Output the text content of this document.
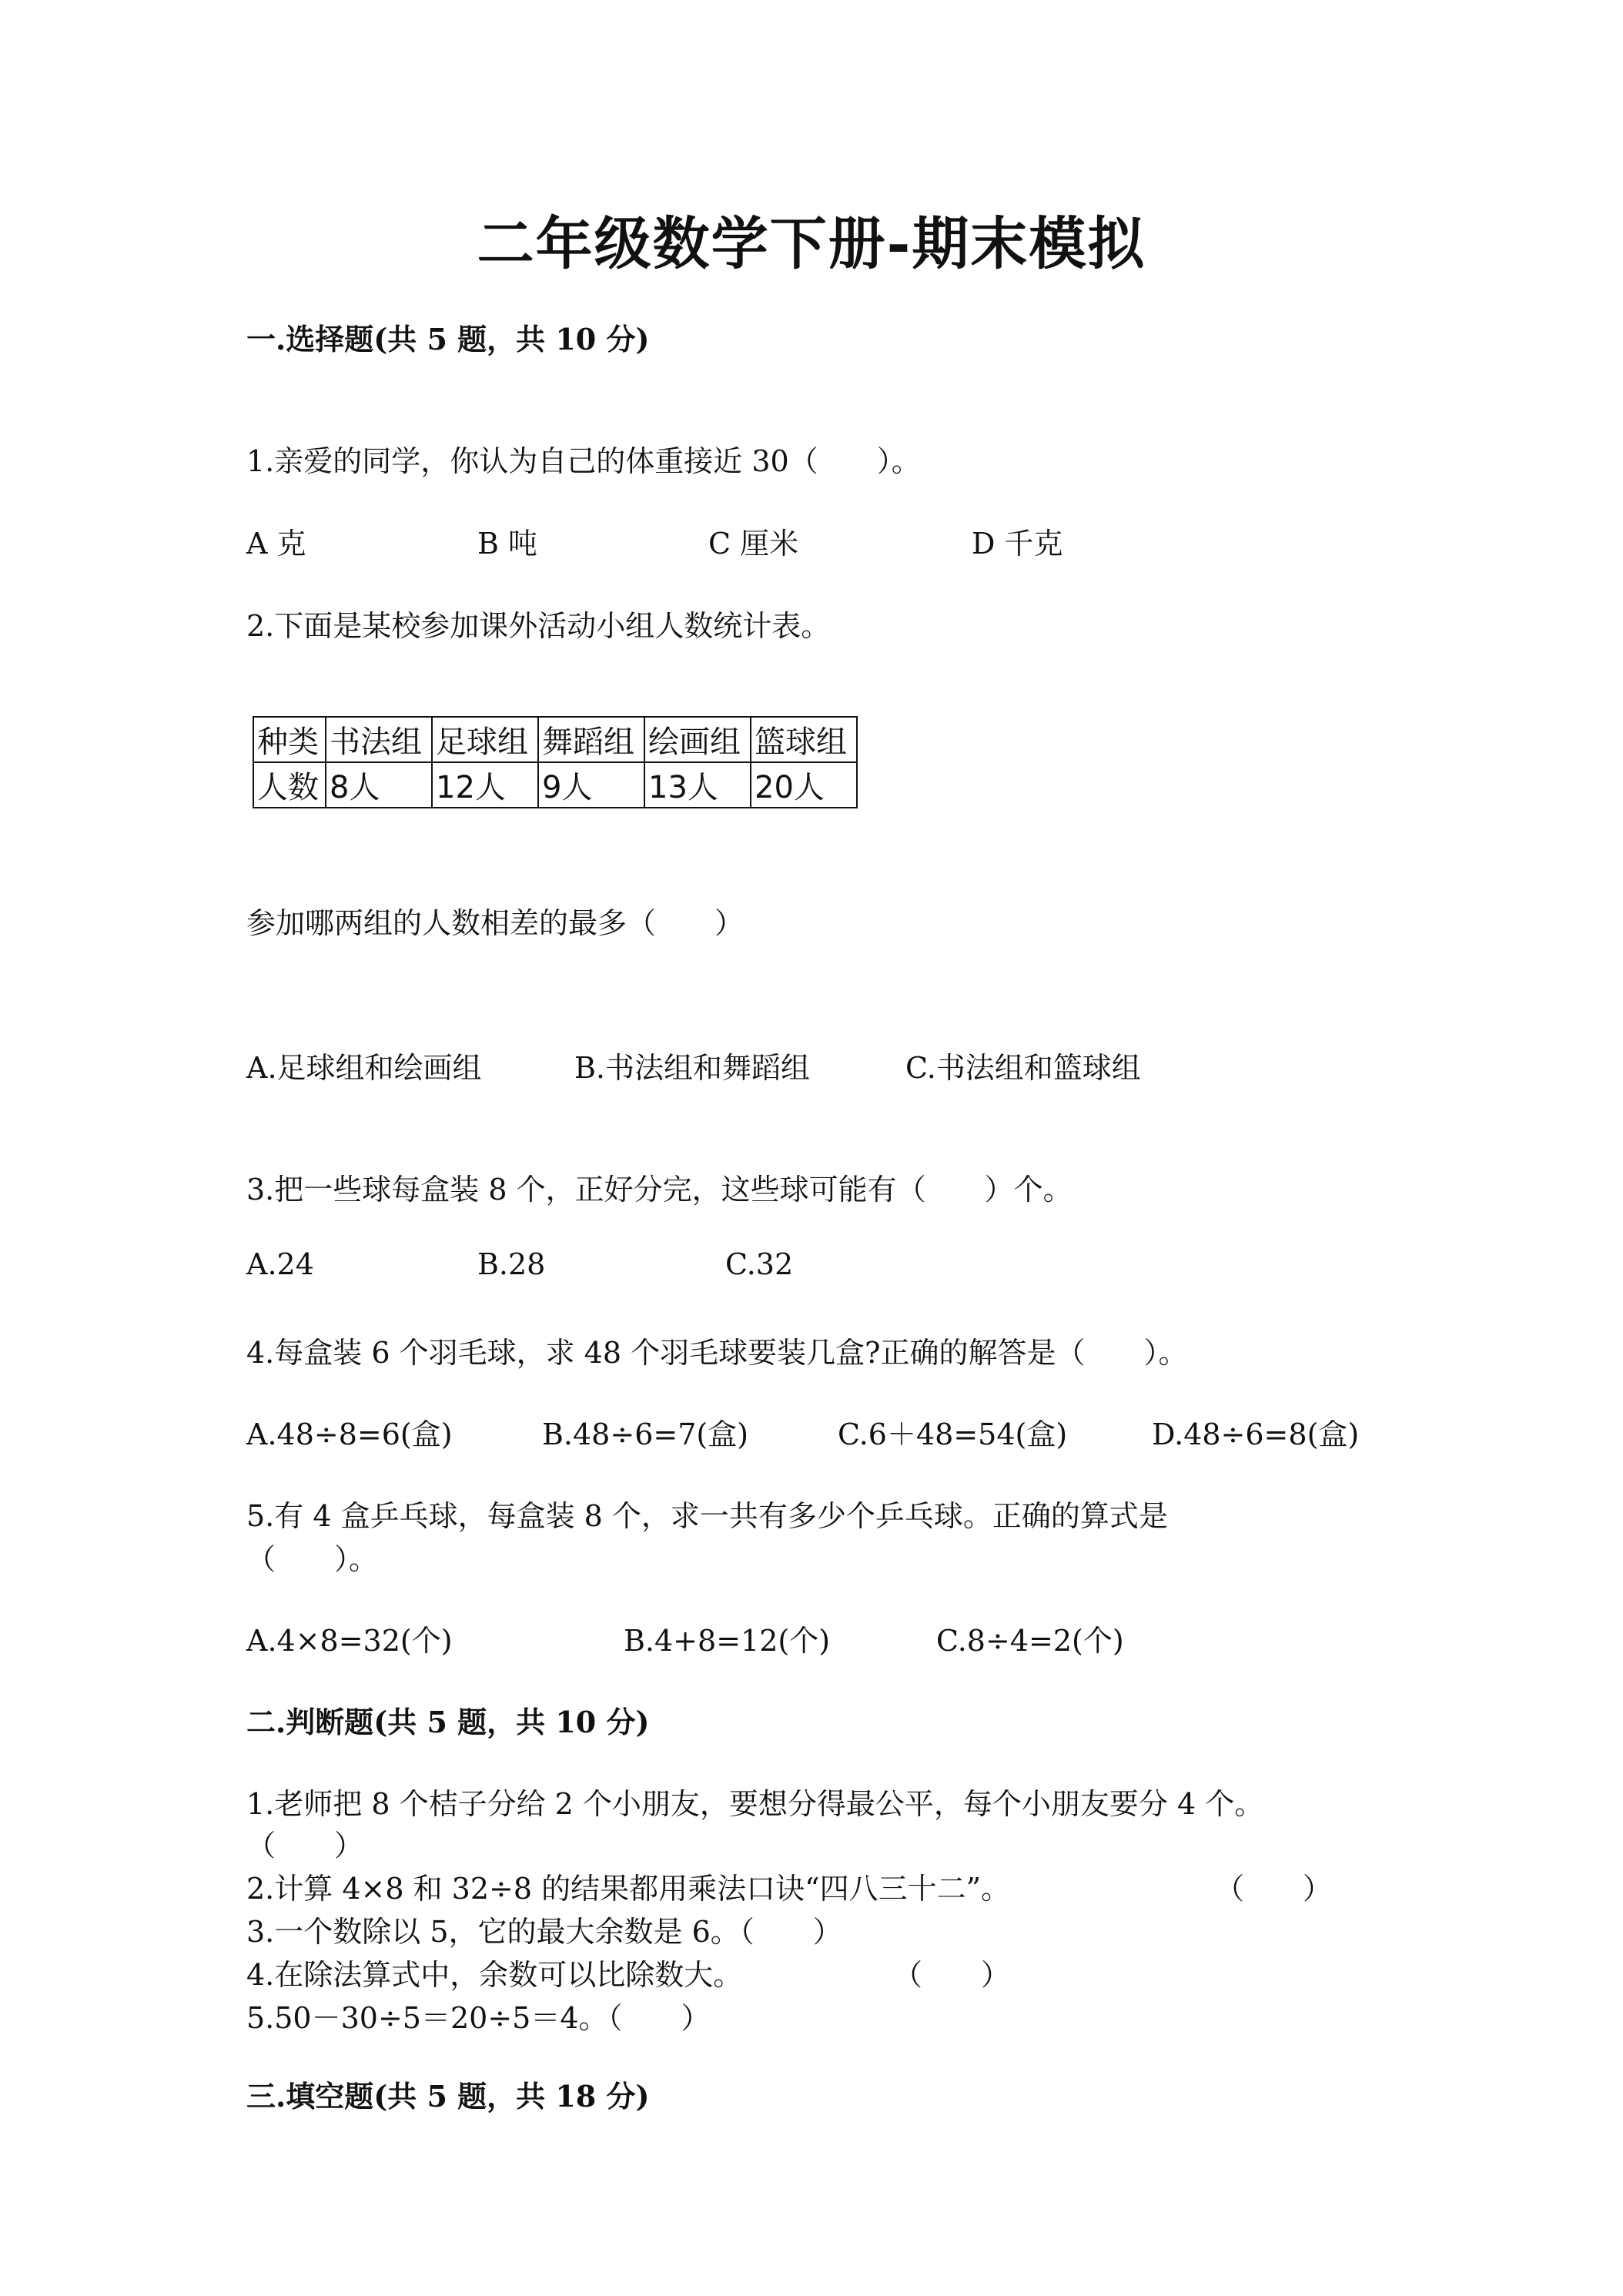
二年级数学下册-期末模拟
一.选择题(共 5 题，共 10 分)
1.亲爱的同学，你认为自己的体重接近 30（　　）。
A 克	B 吨	C 厘米	D 千克
2.下面是某校参加课外活动小组人数统计表。
种类	书法组	足球组	舞蹈组	绘画组	篮球组
人数	8人	12人	9人	13人	20人
参加哪两组的人数相差的最多（　　）
A.足球组和绘画组	B.书法组和舞蹈组	C.书法组和篮球组
3.把一些球每盒装 8 个，正好分完，这些球可能有（　　）个。
A.24	B.28	C.32
4.每盒装 6 个羽毛球，求 48 个羽毛球要装几盒?正确的解答是（　　）。
A.48÷8=6(盒)	B.48÷6=7(盒)	C.6＋48=54(盒)	D.48÷6=8(盒)
5.有 4 盒乒乓球，每盒装 8 个，求一共有多少个乒乓球。正确的算式是
（　　）。
A.4×8=32(个)	B.4+8=12(个)	C.8÷4=2(个)
二.判断题(共 5 题，共 10 分)
1.老师把 8 个桔子分给 2 个小朋友，要想分得最公平，每个小朋友要分 4 个。
（　　）
2.计算 4×8 和 32÷8 的结果都用乘法口诀“四八三十二”。	（　　）
3.一个数除以 5，它的最大余数是 6。（　　）
4.在除法算式中，余数可以比除数大。	（　　）
5.50－30÷5＝20÷5＝4。（　　）
三.填空题(共 5 题，共 18 分)
